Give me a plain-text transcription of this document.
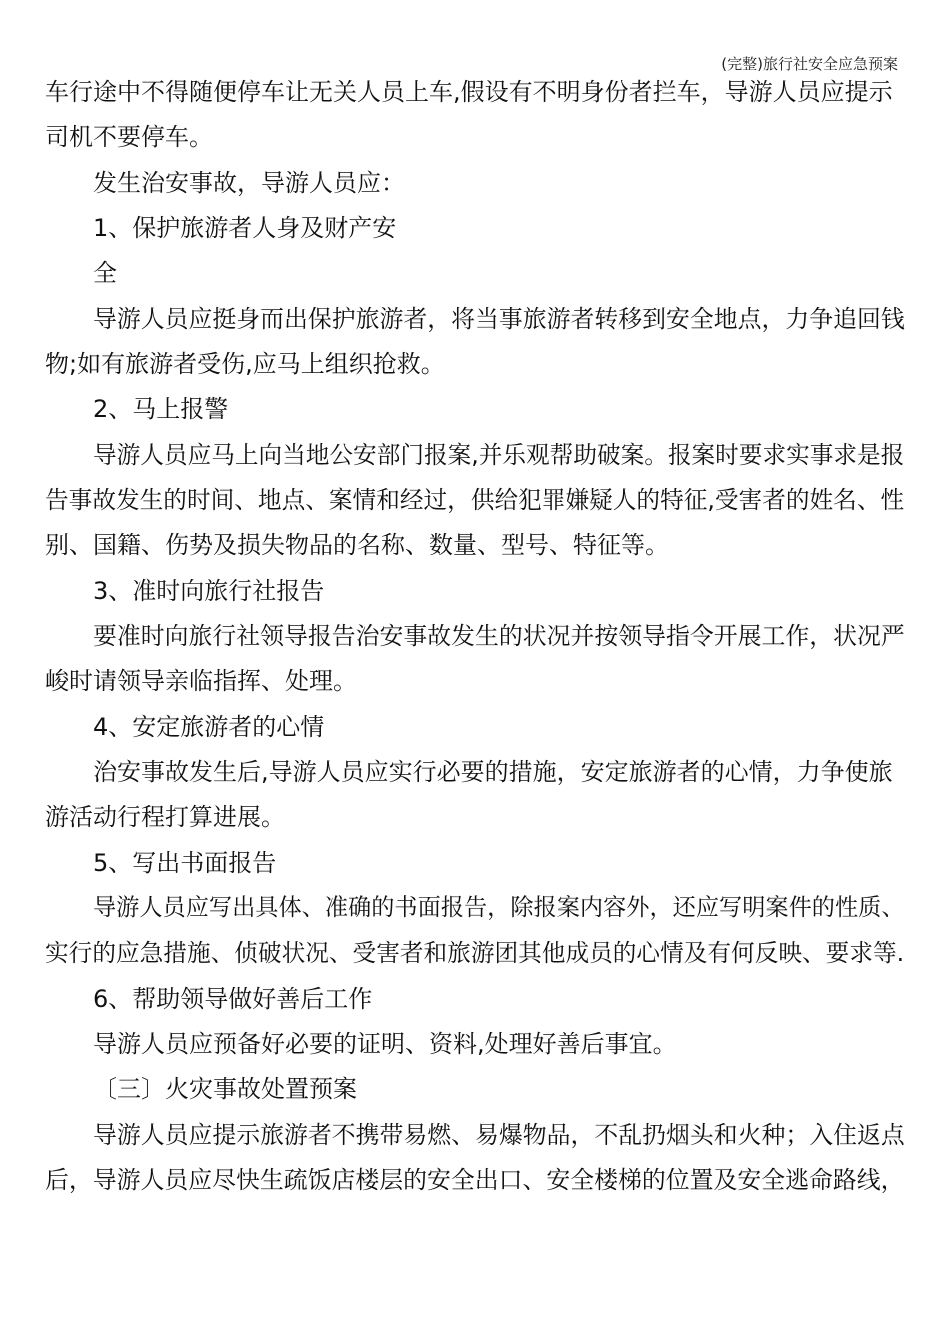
(完整)旅行社安全应急预案
车行途中不得随便停车让无关人员上车,假设有不明身份者拦车，导游人员应提示
司机不要停车。
发生治安事故，导游人员应：
1、保护旅游者人身及财产安
全
导游人员应挺身而出保护旅游者，将当事旅游者转移到安全地点，力争追回钱
物;如有旅游者受伤,应马上组织抢救。
2、马上报警
导游人员应马上向当地公安部门报案,并乐观帮助破案。报案时要求实事求是报
告事故发生的时间、地点、案情和经过，供给犯罪嫌疑人的特征,受害者的姓名、性
别、国籍、伤势及损失物品的名称、数量、型号、特征等。
3、准时向旅行社报告
要准时向旅行社领导报告治安事故发生的状况并按领导指令开展工作，状况严
峻时请领导亲临指挥、处理。
4、安定旅游者的心情
治安事故发生后,导游人员应实行必要的措施，安定旅游者的心情，力争使旅
游活动行程打算进展。
5、写出书面报告
导游人员应写出具体、准确的书面报告，除报案内容外，还应写明案件的性质、
实行的应急措施、侦破状况、受害者和旅游团其他成员的心情及有何反映、要求等.
6、帮助领导做好善后工作
导游人员应预备好必要的证明、资料,处理好善后事宜。
〔三〕火灾事故处置预案
导游人员应提示旅游者不携带易燃、易爆物品，不乱扔烟头和火种；入住返点
后，导游人员应尽快生疏饭店楼层的安全出口、安全楼梯的位置及安全逃命路线，
